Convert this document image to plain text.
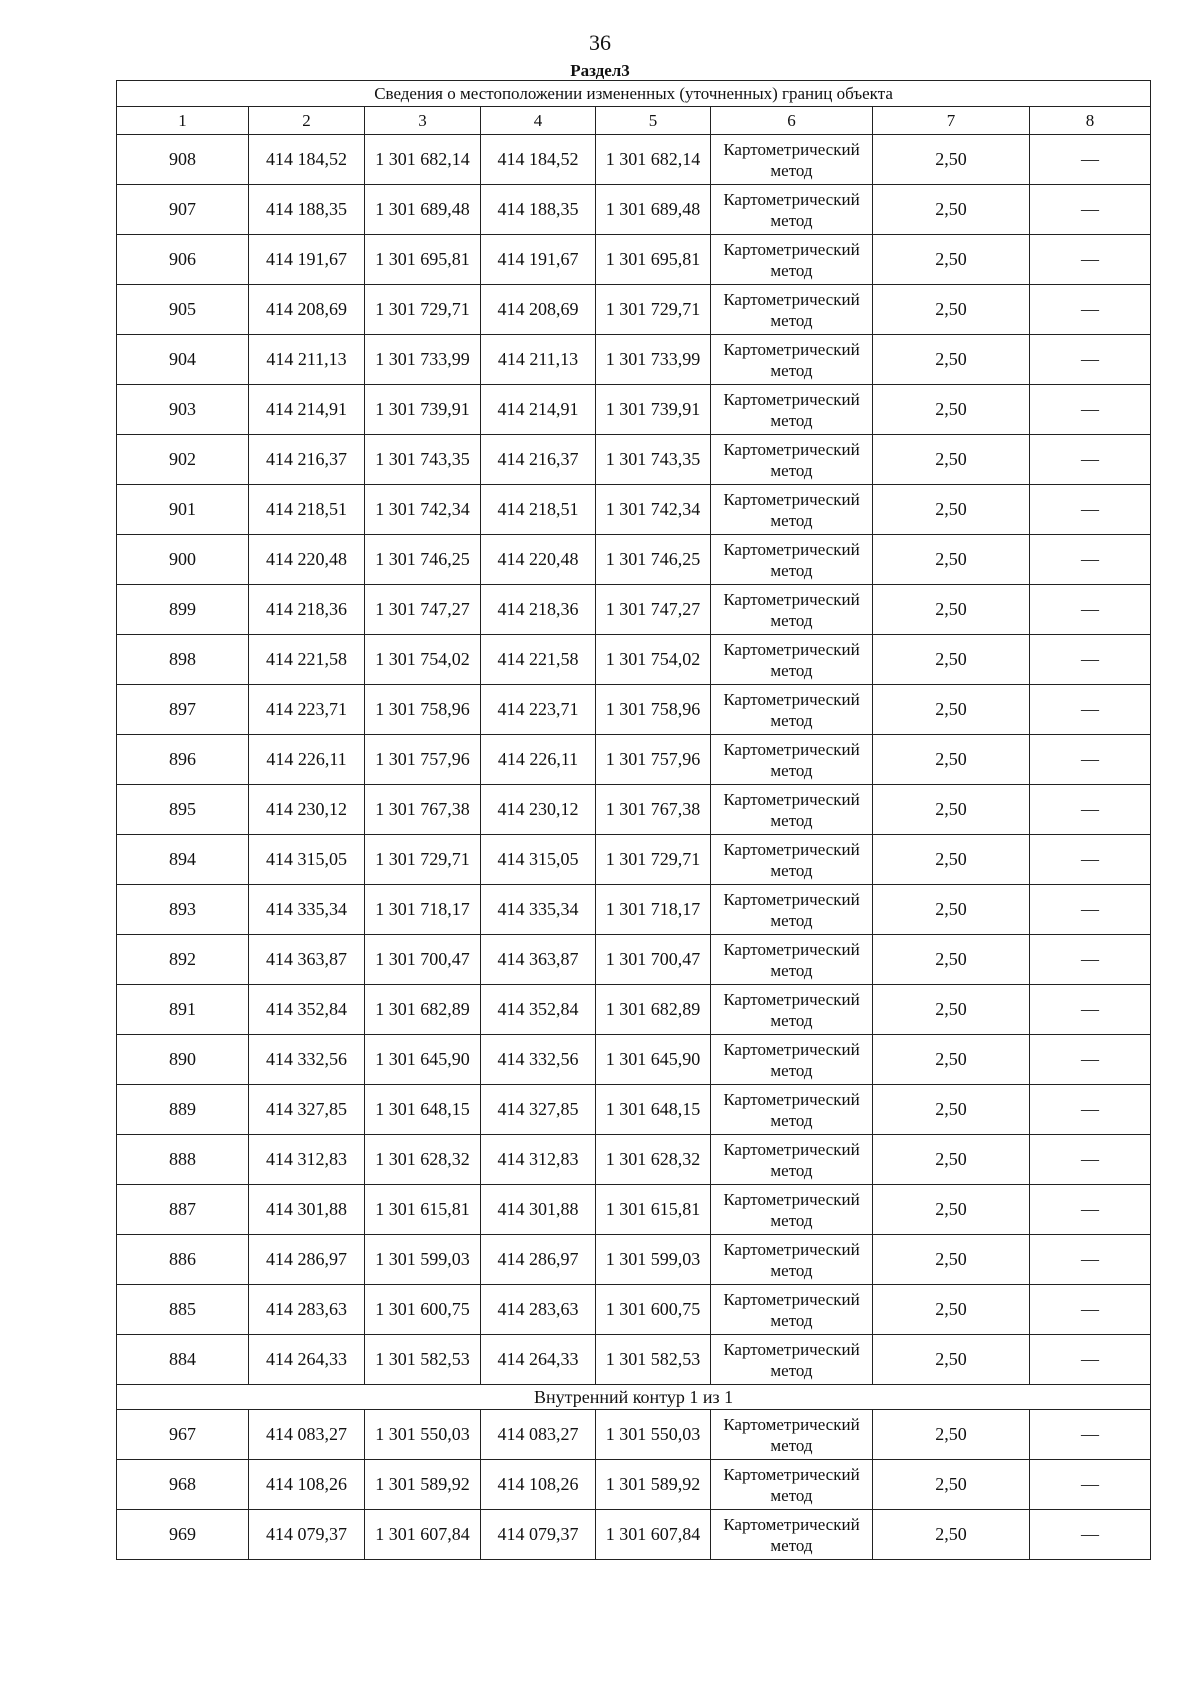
36
Раздел3
Сведения о местоположении измененных (уточненных) границ объекта							
1	2	3	4	5	6	7	8
908	414 184,52	1 301 682,14	414 184,52	1 301 682,14	Картометрический метод	2,50	—
907	414 188,35	1 301 689,48	414 188,35	1 301 689,48	Картометрический метод	2,50	—
906	414 191,67	1 301 695,81	414 191,67	1 301 695,81	Картометрический метод	2,50	—
905	414 208,69	1 301 729,71	414 208,69	1 301 729,71	Картометрический метод	2,50	—
904	414 211,13	1 301 733,99	414 211,13	1 301 733,99	Картометрический метод	2,50	—
903	414 214,91	1 301 739,91	414 214,91	1 301 739,91	Картометрический метод	2,50	—
902	414 216,37	1 301 743,35	414 216,37	1 301 743,35	Картометрический метод	2,50	—
901	414 218,51	1 301 742,34	414 218,51	1 301 742,34	Картометрический метод	2,50	—
900	414 220,48	1 301 746,25	414 220,48	1 301 746,25	Картометрический метод	2,50	—
899	414 218,36	1 301 747,27	414 218,36	1 301 747,27	Картометрический метод	2,50	—
898	414 221,58	1 301 754,02	414 221,58	1 301 754,02	Картометрический метод	2,50	—
897	414 223,71	1 301 758,96	414 223,71	1 301 758,96	Картометрический метод	2,50	—
896	414 226,11	1 301 757,96	414 226,11	1 301 757,96	Картометрический метод	2,50	—
895	414 230,12	1 301 767,38	414 230,12	1 301 767,38	Картометрический метод	2,50	—
894	414 315,05	1 301 729,71	414 315,05	1 301 729,71	Картометрический метод	2,50	—
893	414 335,34	1 301 718,17	414 335,34	1 301 718,17	Картометрический метод	2,50	—
892	414 363,87	1 301 700,47	414 363,87	1 301 700,47	Картометрический метод	2,50	—
891	414 352,84	1 301 682,89	414 352,84	1 301 682,89	Картометрический метод	2,50	—
890	414 332,56	1 301 645,90	414 332,56	1 301 645,90	Картометрический метод	2,50	—
889	414 327,85	1 301 648,15	414 327,85	1 301 648,15	Картометрический метод	2,50	—
888	414 312,83	1 301 628,32	414 312,83	1 301 628,32	Картометрический метод	2,50	—
887	414 301,88	1 301 615,81	414 301,88	1 301 615,81	Картометрический метод	2,50	—
886	414 286,97	1 301 599,03	414 286,97	1 301 599,03	Картометрический метод	2,50	—
885	414 283,63	1 301 600,75	414 283,63	1 301 600,75	Картометрический метод	2,50	—
884	414 264,33	1 301 582,53	414 264,33	1 301 582,53	Картометрический метод	2,50	—
Внутренний контур 1 из 1							
967	414 083,27	1 301 550,03	414 083,27	1 301 550,03	Картометрический метод	2,50	—
968	414 108,26	1 301 589,92	414 108,26	1 301 589,92	Картометрический метод	2,50	—
969	414 079,37	1 301 607,84	414 079,37	1 301 607,84	Картометрический метод	2,50	—
